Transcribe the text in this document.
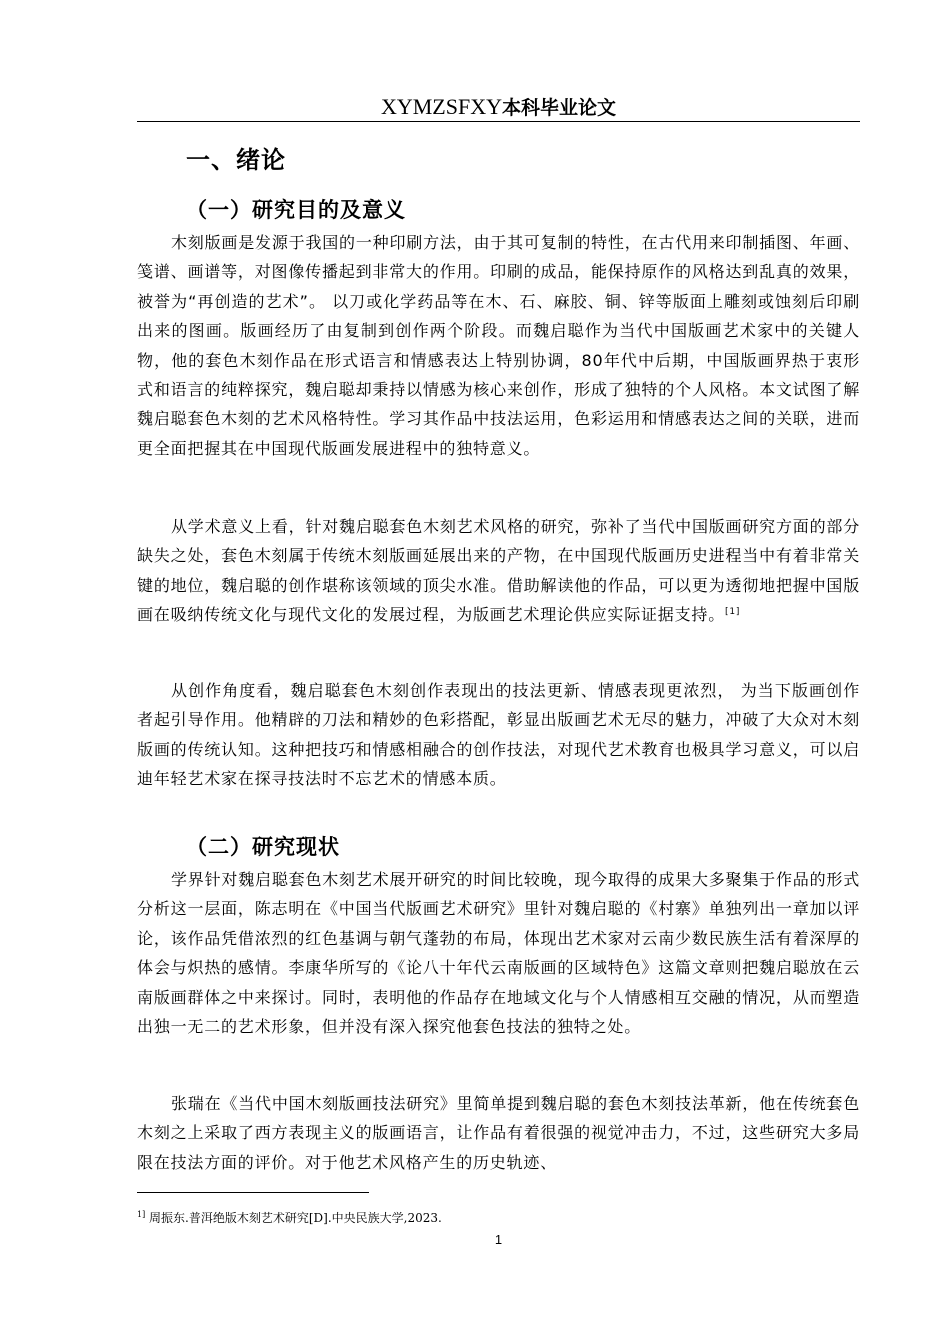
XYMZSFXY本科毕业论文
一、绪论
（一）研究目的及意义

木刻版画是发源于我国的一种印刷方法，由于其可复制的特性，在古代用来印制插图、年画、笺谱、画谱等，对图像传播起到非常大的作用。印刷的成品，能保持原作的风格达到乱真的效果，被誉为“再创造的艺术”。 以刀或化学药品等在木、石、麻胶、铜、锌等版面上雕刻或蚀刻后印刷出来的图画。版画经历了由复制到创作两个阶段。而魏启聪作为当代中国版画艺术家中的关键人物，他的套色木刻作品在形式语言和情感表达上特别协调，80年代中后期，中国版画界热于衷形式和语言的纯粹探究，魏启聪却秉持以情感为核心来创作，形成了独特的个人风格。本文试图了解魏启聪套色木刻的艺术风格特性。学习其作品中技法运用，色彩运用和情感表达之间的关联，进而更全面把握其在中国现代版画发展进程中的独特意义。

从学术意义上看，针对魏启聪套色木刻艺术风格的研究，弥补了当代中国版画研究方面的部分缺失之处，套色木刻属于传统木刻版画延展出来的产物，在中国现代版画历史进程当中有着非常关键的地位，魏启聪的创作堪称该领域的顶尖水准。借助解读他的作品，可以更为透彻地把握中国版画在吸纳传统文化与现代文化的发展过程，为版画艺术理论供应实际证据支持。[1]

从创作角度看，魏启聪套色木刻创作表现出的技法更新、情感表现更浓烈， 为当下版画创作者起引导作用。他精辟的刀法和精妙的色彩搭配，彰显出版画艺术无尽的魅力，冲破了大众对木刻版画的传统认知。这种把技巧和情感相融合的创作技法，对现代艺术教育也极具学习意义，可以启迪年轻艺术家在探寻技法时不忘艺术的情感本质。

（二）研究现状

学界针对魏启聪套色木刻艺术展开研究的时间比较晚，现今取得的成果大多聚集于作品的形式分析这一层面，陈志明在《中国当代版画艺术研究》里针对魏启聪的《村寨》单独列出一章加以评论，该作品凭借浓烈的红色基调与朝气蓬勃的布局，体现出艺术家对云南少数民族生活有着深厚的体会与炽热的感情。李康华所写的《论八十年代云南版画的区域特色》这篇文章则把魏启聪放在云南版画群体之中来探讨。同时，表明他的作品存在地域文化与个人情感相互交融的情况，从而塑造出独一无二的艺术形象，但并没有深入探究他套色技法的独特之处。

张瑞在《当代中国木刻版画技法研究》里简单提到魏启聪的套色木刻技法革新，他在传统套色木刻之上采取了西方表现主义的版画语言，让作品有着很强的视觉冲击力，不过，这些研究大多局限在技法方面的评价。对于他艺术风格产生的历史轨迹、

$^{1]}$ 周振东.普洱绝版木刻艺术研究[D].中央民族大学,2023.
1
